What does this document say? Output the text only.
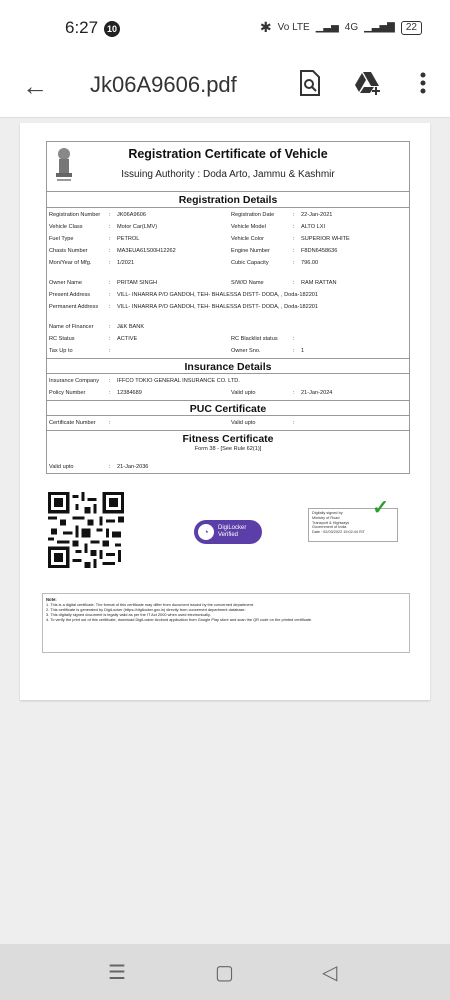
6:27 10	✱ Vo LTE ▁▃▅ 4G ▁▃▅▇	22
← Jk06A9606.pdf
Registration Certificate of Vehicle
Issuing Authority : Doda Arto, Jammu & Kashmir
Registration Details
Registration Number	:	JK06A9606	Registration Date	:	22-Jan-2021
Vehicle Class	:	Motor Car(LMV)	Vehicle Model	:	ALTO LXI
Fuel Type	:	PETROL	Vehicle Color	:	SUPERIOR WHITE
Chasis Number	:	MA3EUA61S00H12262	Engine Number	:	F8DN6458636
Mon/Year of Mfg.	:	1/2021	Cubic Capacity	:	796.00
Owner Name	:	PRITAM SINGH	S/W/D Name	:	RAM RATTAN
Present Address	:	VILL- INHARRA P/O GANDOH, TEH- BHALESSA DISTT- DODA, , Doda-182201
Permanent Address	:	VILL- INHARRA P/O GANDOH, TEH- BHALESSA DISTT- DODA, , Doda-182201
Name of Financer	:	J&K BANK
RC Status	:	ACTIVE	RC Blacklist status	:
Tax Up to	:	Owner Sno.	:	1
Insurance Details
Insurance Company	:	IFFCO TOKIO GENERAL INSURANCE CO. LTD.
Policy Number	:	12384689	Valid upto	:	21-Jan-2024
PUC Certificate
Certificate Number	:	Valid upto	:
Fitness Certificate
Form 38 - [See Rule 62(1)]
Valid upto	:	21-Jan-2036
◔	DigiLocker
Verified
✓
Digitally signed by
Ministry of Road
Transport & Highways
Government of India
Date : 02/03/2022 15:02:44 IST
Note:
1. This is a digital certificate. The format of this certificate may differ from document issued by the concerned department.
2. This certificate is generated by DigiLocker (https://digilocker.gov.in) directly from concerned department database.
3. This digitally signed document is legally valid as per the IT Act 2000 when used electronically.
4. To verify the print out of this certificate, download DigiLocker Android application from Google Play store and scan the QR code on the printed certificate.
☰	▢	◁
